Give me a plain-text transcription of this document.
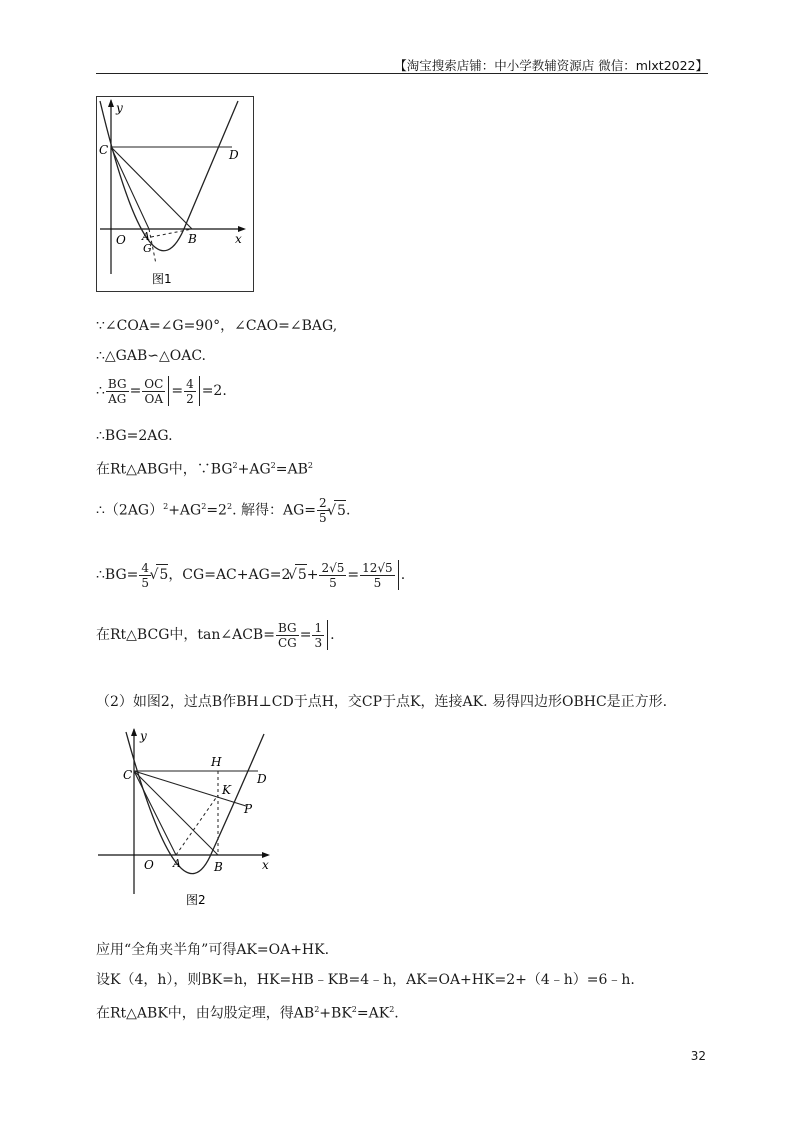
【淘宝搜索店铺：中小学教辅资源店 微信：mlxt2022】
y
x
O
C	D
A	B
G
图1
∵∠COA=∠G=90°，∠CAO=∠BAG,
∴△GAB∽△OAC.
∴ $\frac{BG}{AG} = \frac{OC}{OA} = \frac{4}{2} =2$.
∴BG=2AG.
在Rt△ABG中，$\because BG^2+AG^2=AB^2$
$\therefore(2AG)^2+AG^2=2^2$. 解得：$AG= \frac{2}{5}$ √ 5.
∴BG= $\frac{4}{5}$ √ 5，CG=AC+AG=2 √ $5+ \frac{2√5}{5} = \frac{12√5}{5}$ .
在Rt△BCG中，tan∠ACB= $\frac{BG}{CG} = \frac{1}{3}$ .
（2）如图2，过点B作BH⊥CD于点H，交CP于点K，连接AK. 易得四边形OBHC是正方形.
y
x
O
C	D
H
K
P
A	B
图2
应用“全角夹半角”可得AK=OA+HK.
设K（4，h），则BK=h，HK=HB﹣KB=4﹣h，AK=OA+HK=2+（4﹣h）=6﹣h.
在Rt△ABK中，由勾股定理，得$AB^2+BK^2=AK^2$.
32
